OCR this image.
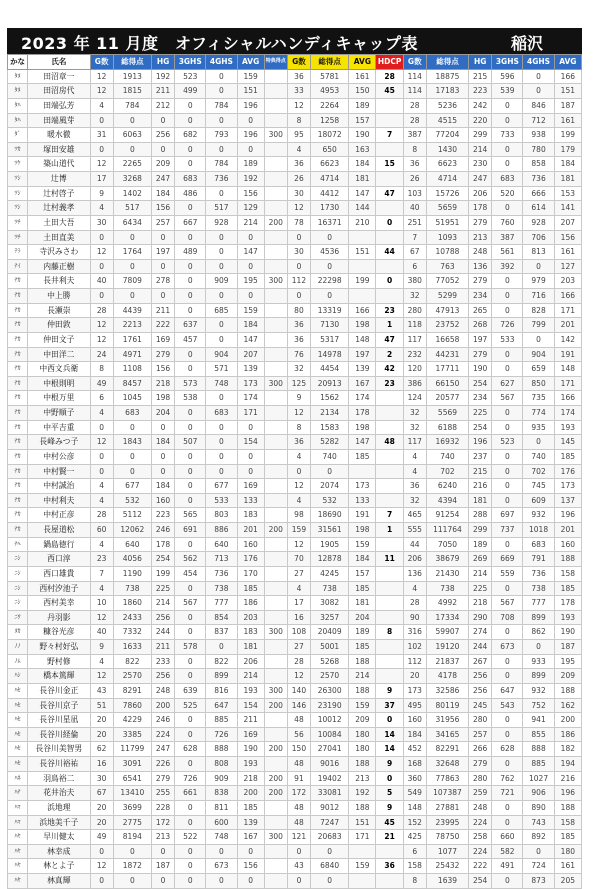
2023 年 11 月度　オフィシャルハンディキャップ表	稲沢
かな	氏名	G数	総得点	HG	3GHS	4GHS	AVG	特典得点	G数	総得点	AVG	HDCP	G数	総得点	HG	3GHS	4GHS	AVG
ﾀﾇ	田沼章一	12	1913	192	523	0	159		36	5781	161	28	114	18875	215	596	0	166
ﾀﾇ	田沼房代	12	1815	211	499	0	151		33	4953	150	45	114	17183	223	539	0	151
ﾀﾊ	田端弘芳	4	784	212	0	784	196		12	2264	189		28	5236	242	0	846	187
ﾀﾊ	田端風芽	0	0	0	0	0	0		8	1258	157		28	4515	220	0	712	161
ﾀﾞ	暖水徹	31	6063	256	682	793	196	300	95	18072	190	7	387	77204	299	733	938	199
ﾂｶ	塚田安雄	0	0	0	0	0	0		4	650	163		8	1430	214	0	780	179
ﾂｹ	築山道代	12	2265	209	0	784	189		36	6623	184	15	36	6623	230	0	858	184
ﾂｼ	辻博	17	3268	247	683	736	192		26	4714	181		26	4714	247	683	736	181
ﾂｼ	辻村啓子	9	1402	184	486	0	156		30	4412	147	47	103	15726	206	520	666	153
ﾂｼ	辻村義孝	4	517	156	0	517	129		12	1730	144		40	5659	178	0	614	141
ﾂﾁ	土田大吾	30	6434	257	667	928	214	200	78	16371	210	0	251	51951	279	760	928	207
ﾂﾁ	土田直美	0	0	0	0	0	0		0	0			7	1093	213	387	706	156
ﾃﾗ	寺沢みさわ	12	1764	197	489	0	147		30	4536	151	44	67	10788	248	561	813	161
ﾅｲ	内藤正樹	0	0	0	0	0	0		0	0			6	763	136	392	0	127
ﾅｶ	長井利夫	40	7809	278	0	909	195	300	112	22298	199	0	380	77052	279	0	979	203
ﾅｶ	中上勝	0	0	0	0	0	0		0	0			32	5299	234	0	716	166
ﾅｶ	長瀬崇	28	4439	211	0	685	159		80	13319	166	23	280	47913	265	0	828	171
ﾅｶ	仲田敦	12	2213	222	637	0	184		36	7130	198	1	118	23752	268	726	799	201
ﾅｶ	仲田文子	12	1761	169	457	0	147		36	5317	148	47	117	16658	197	533	0	142
ﾅｶ	中田洋二	24	4971	279	0	904	207		76	14978	197	2	232	44231	279	0	904	191
ﾅｶ	中西文兵衛	8	1108	156	0	571	139		32	4454	139	42	120	17711	190	0	659	148
ﾅｶ	中根則明	49	8457	218	573	748	173	300	125	20913	167	23	386	66150	254	627	850	171
ﾅｶ	中根万里	6	1045	198	538	0	174		9	1562	174		124	20577	234	567	735	166
ﾅｶ	中野順子	4	683	204	0	683	171		12	2134	178		32	5569	225	0	774	174
ﾅｶ	中平吉重	0	0	0	0	0	0		8	1583	198		32	6188	254	0	935	193
ﾅｶ	長峰みつ子	12	1843	184	507	0	154		36	5282	147	48	117	16932	196	523	0	145
ﾅｶ	中村公彦	0	0	0	0	0	0		4	740	185		4	740	237	0	740	185
ﾅｶ	中村賢一	0	0	0	0	0	0		0	0			4	702	215	0	702	176
ﾅｶ	中村誠治	4	677	184	0	677	169		12	2074	173		36	6240	216	0	745	173
ﾅｶ	中村利夫	4	532	160	0	533	133		4	532	133		32	4394	181	0	609	137
ﾅｶ	中村正彦	28	5112	223	565	803	183		98	18690	191	7	465	91254	288	697	932	196
ﾅｶ	長屋道松	60	12062	246	691	886	201	200	159	31561	198	1	555	111764	299	737	1018	201
ﾅﾍ	鍋島徳行	4	640	178	0	640	160		12	1905	159		44	7050	189	0	683	160
ﾆｼ	西口淳	23	4056	254	562	713	176		70	12878	184	11	206	38679	269	669	791	188
ﾆｼ	西口雄貴	7	1190	199	454	736	170		27	4245	157		136	21430	214	559	736	158
ﾆｼ	西村汐池子	4	738	225	0	738	185		4	738	185		4	738	225	0	738	185
ﾆｼ	西村美幸	10	1860	214	567	777	186		17	3082	181		28	4992	218	567	777	178
ﾆﾜ	丹羽影	12	2433	256	0	854	203		16	3257	204		90	17334	290	708	899	193
ﾇｶ	糠谷光彦	40	7332	244	0	837	183	300	108	20409	189	8	316	59907	274	0	862	190
ﾉﾉ	野々村好弘	9	1633	211	578	0	181		27	5001	185		102	19120	244	673	0	187
ﾉﾑ	野村修	4	822	233	0	822	206		28	5268	188		112	21837	267	0	933	195
ﾊｼ	橋本篤輝	12	2570	256	0	899	214		12	2570	214		20	4178	256	0	899	209
ﾊｾ	長谷川金正	43	8291	248	639	816	193	300	140	26300	188	9	173	32586	256	647	932	188
ﾊｾ	長谷川京子	51	7860	200	525	647	154	200	146	23190	159	37	495	80119	245	543	752	162
ﾊｾ	長谷川星凪	20	4229	246	0	885	211		48	10012	209	0	160	31956	280	0	941	200
ﾊｾ	長谷川経倫	20	3385	224	0	726	169		56	10084	180	14	184	34165	257	0	855	186
ﾊｾ	長谷川美智男	62	11799	247	628	888	190	200	150	27041	180	14	452	82291	266	628	888	182
ﾊｾ	長谷川裕祐	16	3091	226	0	808	193		48	9016	188	9	168	32648	279	0	885	194
ﾊﾈ	羽鳥裕二	30	6541	279	726	909	218	200	91	19402	213	0	360	77863	280	762	1027	216
ﾊﾅ	花井治夫	67	13410	255	661	838	200	200	172	33081	192	5	549	107387	259	721	906	196
ﾊﾏ	浜地理	20	3699	228	0	811	185		48	9012	188	9	148	27881	248	0	890	188
ﾊﾏ	浜地美千子	20	2775	172	0	600	139		48	7247	151	45	152	23995	224	0	743	158
ﾊﾔ	早川健太	49	8194	213	522	748	167	300	121	20683	171	21	425	78750	258	660	892	185
ﾊﾔ	林幸成	0	0	0	0	0	0		0	0			6	1077	224	582	0	180
ﾊﾔ	林とよ子	12	1872	187	0	673	156		43	6840	159	36	158	25432	222	491	724	161
ﾊﾔ	林真輝	0	0	0	0	0	0		0	0			8	1639	254	0	873	205
